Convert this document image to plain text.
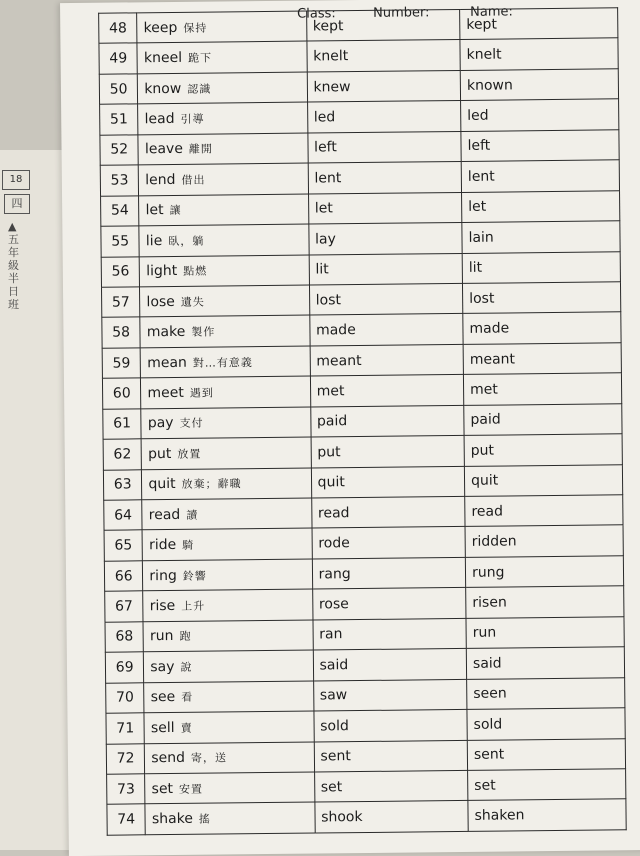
18
四
▲五年級半日班
Class:	Number:	Name:
48	keep 保持	kept	kept
49	kneel 跪下	knelt	knelt
50	know 認識	knew	known
51	lead 引導	led	led
52	leave 離開	left	left
53	lend 借出	lent	lent
54	let 讓	let	let
55	lie 臥，躺	lay	lain
56	light 點燃	lit	lit
57	lose 遺失	lost	lost
58	make 製作	made	made
59	mean 對…有意義	meant	meant
60	meet 遇到	met	met
61	pay 支付	paid	paid
62	put 放置	put	put
63	quit 放棄；辭職	quit	quit
64	read 讀	read	read
65	ride 騎	rode	ridden
66	ring 鈴響	rang	rung
67	rise 上升	rose	risen
68	run 跑	ran	run
69	say 說	said	said
70	see 看	saw	seen
71	sell 賣	sold	sold
72	send 寄，送	sent	sent
73	set 安置	set	set
74	shake 搖	shook	shaken
